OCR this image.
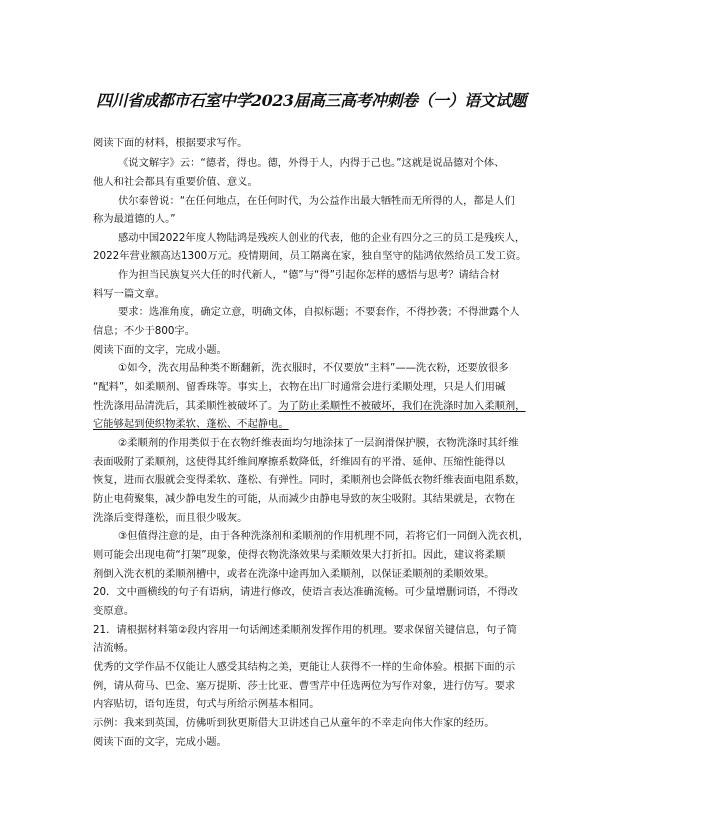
四川省成都市石室中学2023届高三高考冲刺卷（一）语文试题
阅读下面的材料，根据要求写作。
《说文解字》云：“德者，得也。德，外得于人，内得于己也。”这就是说品德对个体、
他人和社会都具有重要价值、意义。
伏尔泰曾说：“在任何地点，在任何时代，为公益作出最大牺牲而无所得的人，都是人们
称为最道德的人。”
感动中国2022年度人物陆鸿是残疾人创业的代表，他的企业有四分之三的员工是残疾人，
2022年营业额高达1300万元。疫情期间，员工隔离在家，独自坚守的陆鸿依然给员工发工资。
作为担当民族复兴大任的时代新人，“德”与“得”引起你怎样的感悟与思考？请结合材
料写一篇文章。
要求：选准角度，确定立意，明确文体，自拟标题；不要套作，不得抄袭；不得泄露个人
信息；不少于800字。
阅读下面的文字，完成小题。
①如今，洗衣用品种类不断翻新，洗衣服时，不仅要放“主料”——洗衣粉，还要放很多
“配料”，如柔顺剂、留香珠等。事实上，衣物在出厂时通常会进行柔顺处理，只是人们用碱
性洗涤用品清洗后，其柔顺性被破坏了。为了防止柔顺性不被破坏，我们在洗涤时加入柔顺剂，
它能够起到使织物柔软、蓬松、不起静电。
②柔顺剂的作用类似于在衣物纤维表面均匀地涂抹了一层润滑保护膜，衣物洗涤时其纤维
表面吸附了柔顺剂，这使得其纤维间摩擦系数降低，纤维固有的平滑、延伸、压缩性能得以
恢复，进而衣服就会变得柔软、蓬松、有弹性。同时，柔顺剂也会降低衣物纤维表面电阻系数，
防止电荷聚集，减少静电发生的可能，从而减少由静电导致的灰尘吸附。其结果就是，衣物在
洗涤后变得蓬松，而且很少吸灰。
③但值得注意的是，由于各种洗涤剂和柔顺剂的作用机理不同，若将它们一同倒入洗衣机，
则可能会出现电荷“打架”现象，使得衣物洗涤效果与柔顺效果大打折扣。因此，建议将柔顺
剂倒入洗衣机的柔顺剂槽中，或者在洗涤中途再加入柔顺剂，以保证柔顺剂的柔顺效果。
20．文中画横线的句子有语病，请进行修改，使语言表达准确流畅。可少量增删词语，不得改
变原意。
21．请根据材料第②段内容用一句话阐述柔顺剂发挥作用的机理。要求保留关键信息，句子简
洁流畅。
优秀的文学作品不仅能让人感受其结构之美，更能让人获得不一样的生命体验。根据下面的示
例，请从荷马、巴金、塞万提斯、莎士比亚、曹雪芹中任选两位为写作对象，进行仿写。要求
内容贴切，语句连贯，句式与所给示例基本相同。
示例：我来到英国，仿佛听到狄更斯借大卫讲述自己从童年的不幸走向伟大作家的经历。
阅读下面的文字，完成小题。
